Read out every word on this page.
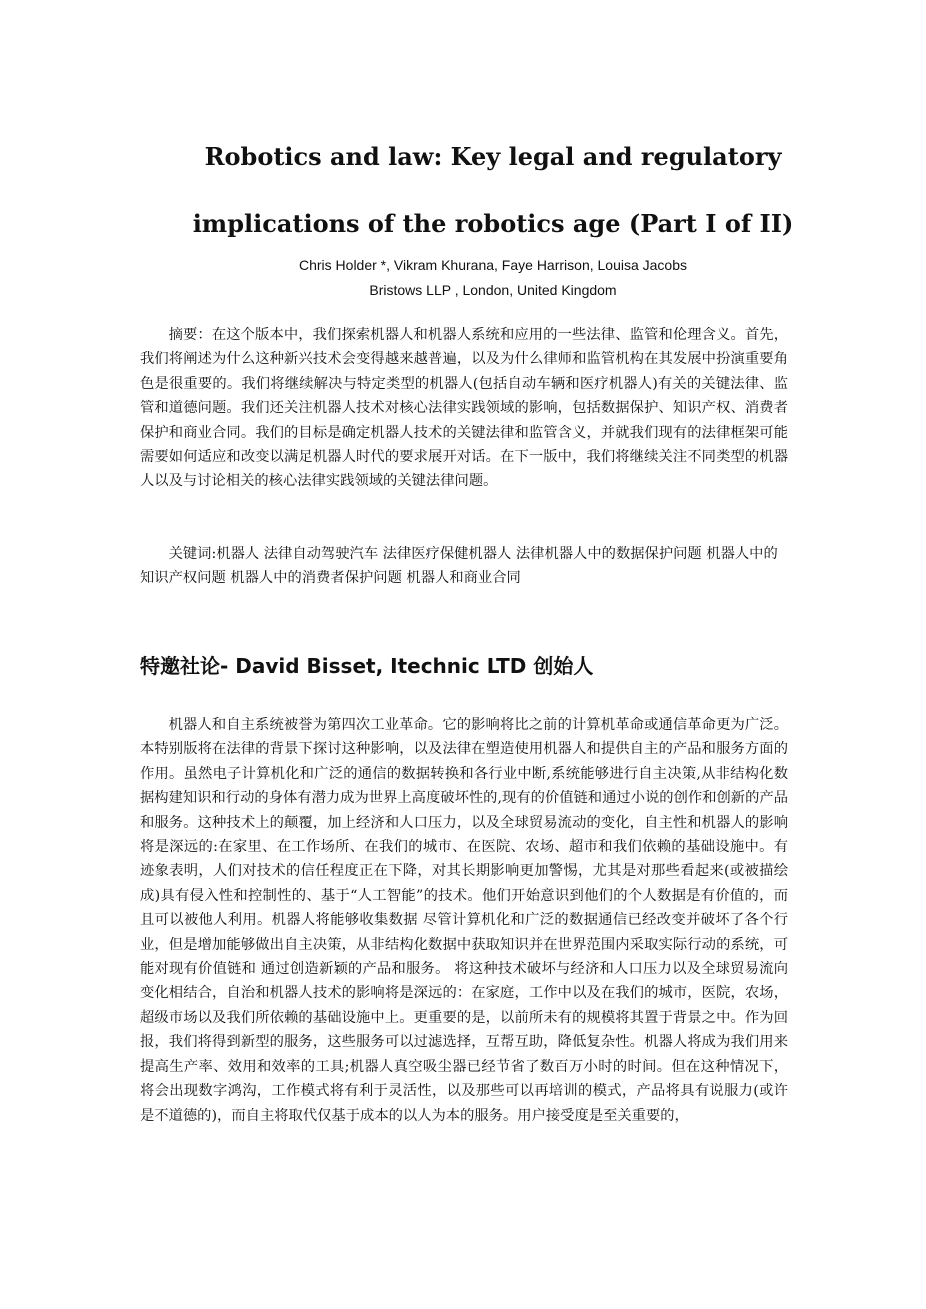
Robotics and law: Key legal and regulatory
implications of the robotics age (Part I of II)

Chris Holder *, Vikram Khurana, Faye Harrison, Louisa Jacobs

Bristows LLP , London, United Kingdom

摘要：在这个版本中，我们探索机器人和机器人系统和应用的一些法律、监管和伦理含义。首先，我们将阐述为什么这种新兴技术会变得越来越普遍，以及为什么律师和监管机构在其发展中扮演重要角色是很重要的。我们将继续解决与特定类型的机器人(包括自动车辆和医疗机器人)有关的关键法律、监管和道德问题。我们还关注机器人技术对核心法律实践领域的影响，包括数据保护、知识产权、消费者保护和商业合同。我们的目标是确定机器人技术的关键法律和监管含义，并就我们现有的法律框架可能需要如何适应和改变以满足机器人时代的要求展开对话。在下一版中，我们将继续关注不同类型的机器人以及与讨论相关的核心法律实践领域的关键法律问题。

关键词:机器人 法律自动驾驶汽车 法律医疗保健机器人 法律机器人中的数据保护问题 机器人中的知识产权问题 机器人中的消费者保护问题 机器人和商业合同

特邀社论- David Bisset, Itechnic LTD 创始人

机器人和自主系统被誉为第四次工业革命。它的影响将比之前的计算机革命或通信革命更为广泛。本特别版将在法律的背景下探讨这种影响，以及法律在塑造使用机器人和提供自主的产品和服务方面的作用。虽然电子计算机化和广泛的通信的数据转换和各行业中断,系统能够进行自主决策,从非结构化数据构建知识和行动的身体有潜力成为世界上高度破坏性的,现有的价值链和通过小说的创作和创新的产品和服务。这种技术上的颠覆，加上经济和人口压力，以及全球贸易流动的变化，自主性和机器人的影响将是深远的:在家里、在工作场所、在我们的城市、在医院、农场、超市和我们依赖的基础设施中。有迹象表明，人们对技术的信任程度正在下降，对其长期影响更加警惕，尤其是对那些看起来(或被描绘成)具有侵入性和控制性的、基于“人工智能”的技术。他们开始意识到他们的个人数据是有价值的，而且可以被他人利用。机器人将能够收集数据 尽管计算机化和广泛的数据通信已经改变并破坏了各个行业，但是增加能够做出自主决策，从非结构化数据中获取知识并在世界范围内采取实际行动的系统，可能对现有价值链和 通过创造新颖的产品和服务。 将这种技术破坏与经济和人口压力以及全球贸易流向变化相结合，自治和机器人技术的影响将是深远的：在家庭，工作中以及在我们的城市，医院，农场，超级市场以及我们所依赖的基础设施中上。更重要的是，以前所未有的规模将其置于背景之中。作为回报，我们将得到新型的服务，这些服务可以过滤选择，互帮互助，降低复杂性。机器人将成为我们用来提高生产率、效用和效率的工具;机器人真空吸尘器已经节省了数百万小时的时间。但在这种情况下，将会出现数字鸿沟，工作模式将有利于灵活性，以及那些可以再培训的模式，产品将具有说服力(或许是不道德的)，而自主将取代仅基于成本的以人为本的服务。用户接受度是至关重要的，
